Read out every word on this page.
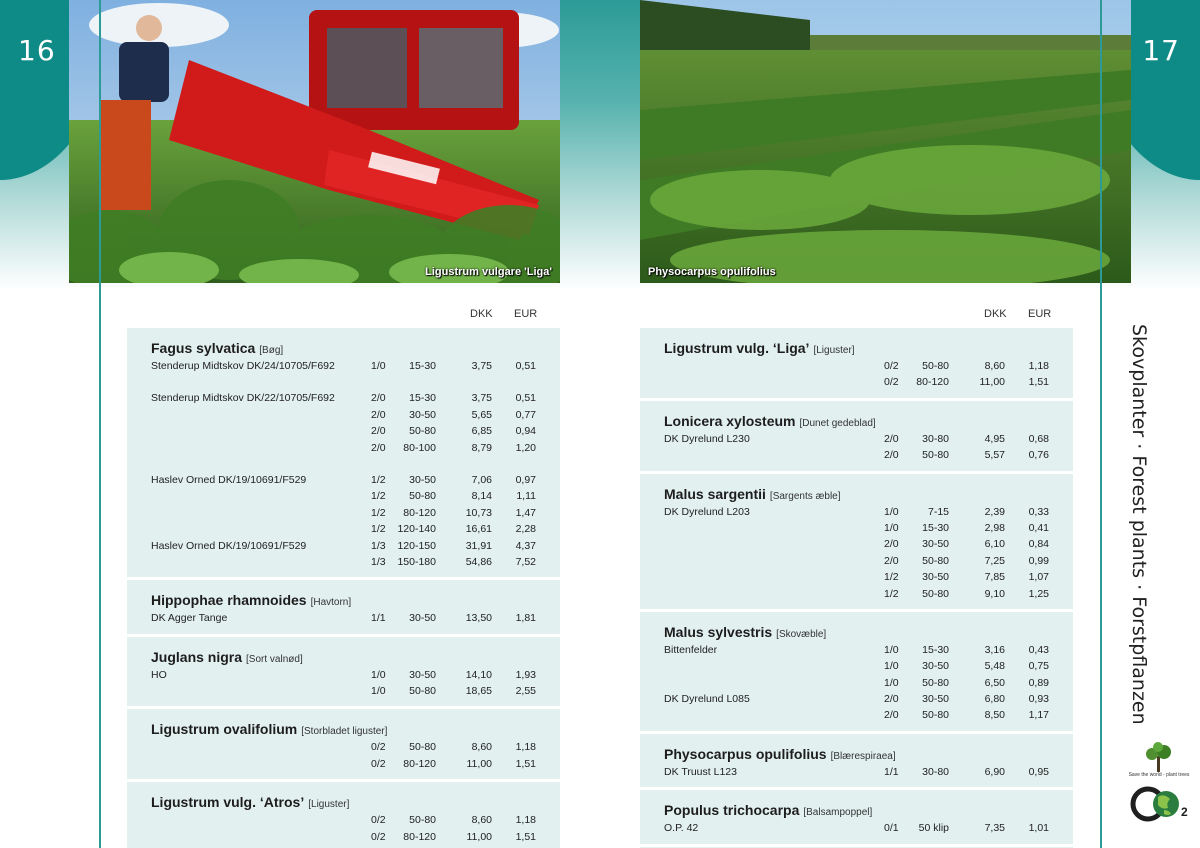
16
Ligustrum vulgare 'Liga'
DKK EUR
Fagus sylvatica [Bøg]
Stenderup Midtskov DK/24/10705/F692	1/0 15-30	3,75 0,51
Stenderup Midtskov DK/22/10705/F692	2/0 15-30	3,75 0,51
2/0 30-50	5,65 0,77
2/0 50-80	6,85 0,94
2/0 80-100	8,79 1,20
Haslev Orned DK/19/10691/F529	1/2 30-50	7,06 0,97
1/2 50-80	8,14 1,11
1/2 80-120	10,73 1,47
1/2 120-140	16,61 2,28
Haslev Orned DK/19/10691/F529	1/3 120-150	31,91 4,37
1/3 150-180	54,86 7,52
Hippophae rhamnoides [Havtorn]
DK Agger Tange	1/1 30-50	13,50 1,81
Juglans nigra [Sort valnød]
HO	1/0 30-50	14,10 1,93
1/0 50-80	18,65 2,55
Ligustrum ovalifolium [Storbladet liguster]
0/2 50-80	8,60 1,18
0/2 80-120	11,00 1,51
Ligustrum vulg. ‘Atros’ [Liguster]
0/2 50-80	8,60 1,18
0/2 80-120	11,00 1,51
17
Physocarpus opulifolius
DKK EUR
Ligustrum vulg. ‘Liga’ [Liguster]
0/2 50-80	8,60 1,18
0/2 80-120	11,00 1,51
Lonicera xylosteum [Dunet gedeblad]
DK Dyrelund L230	2/0 30-80	4,95 0,68
2/0 50-80	5,57 0,76
Malus sargentii [Sargents æble]
DK Dyrelund L203	1/0	7-15	2,39 0,33
1/0 15-30	2,98 0,41
2/0 30-50	6,10 0,84
2/0 50-80	7,25 0,99
1/2 30-50	7,85 1,07
1/2 50-80	9,10 1,25
Malus sylvestris [Skovæble]
Bittenfelder	1/0 15-30	3,16 0,43
1/0 30-50	5,48 0,75
1/0 50-80	6,50 0,89
DK Dyrelund L085	2/0 30-50	6,80 0,93
2/0 50-80	8,50 1,17
Physocarpus opulifolius [Blærespiraea]
DK Truust L123	1/1 30-80	6,90 0,95
Populus trichocarpa [Balsampoppel]
O.P. 42	0/1 50 klip	7,35 1,01
Skovplanter · Forest plants · Forstpflanzen
2
Save the world - plant trees
